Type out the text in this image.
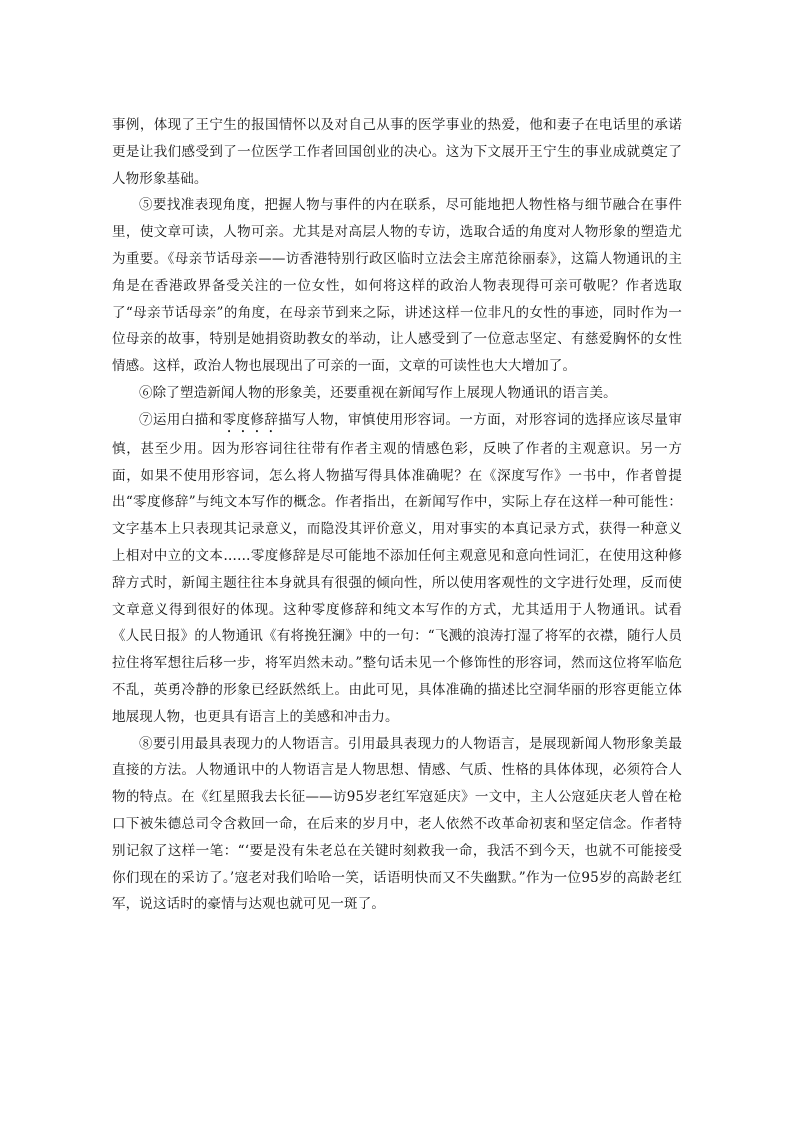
事例，体现了王宁生的报国情怀以及对自己从事的医学事业的热爱，他和妻子在电话里的承诺更是让我们感受到了一位医学工作者回国创业的决心。这为下文展开王宁生的事业成就奠定了人物形象基础。

⑤要找准表现角度，把握人物与事件的内在联系，尽可能地把人物性格与细节融合在事件里，使文章可读，人物可亲。尤其是对高层人物的专访，选取合适的角度对人物形象的塑造尤为重要。《母亲节话母亲——访香港特别行政区临时立法会主席范徐丽泰》，这篇人物通讯的主角是在香港政界备受关注的一位女性，如何将这样的政治人物表现得可亲可敬呢？作者选取了“母亲节话母亲”的角度，在母亲节到来之际，讲述这样一位非凡的女性的事迹，同时作为一位母亲的故事，特别是她捐资助教女的举动，让人感受到了一位意志坚定、有慈爱胸怀的女性情感。这样，政治人物也展现出了可亲的一面，文章的可读性也大大增加了。

⑥除了塑造新闻人物的形象美，还要重视在新闻写作上展现人物通讯的语言美。

⑦运用白描和零度修辞描写人物，审慎使用形容词。一方面，对形容词的选择应该尽量审慎，甚至少用。因为形容词往往带有作者主观的情感色彩，反映了作者的主观意识。另一方面，如果不使用形容词，怎么将人物描写得具体准确呢？在《深度写作》一书中，作者曾提出“零度修辞”与纯文本写作的概念。作者指出，在新闻写作中，实际上存在这样一种可能性：文字基本上只表现其记录意义，而隐没其评价意义，用对事实的本真记录方式，获得一种意义上相对中立的文本……零度修辞是尽可能地不添加任何主观意见和意向性词汇，在使用这种修辞方式时，新闻主题往往本身就具有很强的倾向性，所以使用客观性的文字进行处理，反而使文章意义得到很好的体现。这种零度修辞和纯文本写作的方式，尤其适用于人物通讯。试看《人民日报》的人物通讯《有将挽狂澜》中的一句：“飞溅的浪涛打湿了将军的衣襟，随行人员拉住将军想往后移一步，将军岿然未动。”整句话未见一个修饰性的形容词，然而这位将军临危不乱，英勇冷静的形象已经跃然纸上。由此可见，具体准确的描述比空洞华丽的形容更能立体地展现人物，也更具有语言上的美感和冲击力。

⑧要引用最具表现力的人物语言。引用最具表现力的人物语言，是展现新闻人物形象美最直接的方法。人物通讯中的人物语言是人物思想、情感、气质、性格的具体体现，必须符合人物的特点。在《红星照我去长征——访95岁老红军寇延庆》一文中，主人公寇延庆老人曾在枪口下被朱德总司令含救回一命，在后来的岁月中，老人依然不改革命初衷和坚定信念。作者特别记叙了这样一笔：“‘要是没有朱老总在关键时刻救我一命，我活不到今天，也就不可能接受你们现在的采访了。’寇老对我们哈哈一笑，话语明快而又不失幽默。”作为一位95岁的高龄老红军，说这话时的豪情与达观也就可见一斑了。
